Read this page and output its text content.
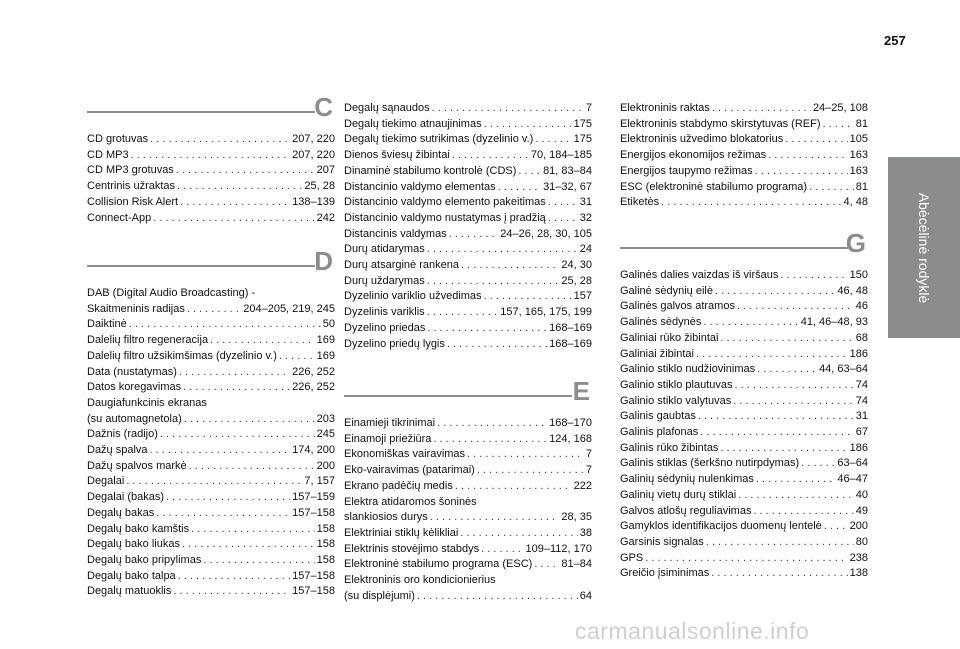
257
Abėcėlinė rodyklė
C
CD grotuvas . . .	207, 220
CD MP3 . . .	207, 220
CD MP3 grotuvas . . .	207
Centrinis užraktas . . .	25, 28
Collision Risk Alert . . .	138–139
Connect-App . . .	242
D
DAB (Digital Audio Broadcasting) -
Skaitmeninis radijas . . .	204–205, 219, 245
Daiktinė . . .	50
Dalelių filtro regeneracija . . .	169
Dalelių filtro užsikimšimas (dyzelinio v.) . . .	169
Data (nustatymas) . . .	226, 252
Datos koregavimas . . .	226, 252
Daugiafunkcinis ekranas
(su automagnetola) . . .	203
Dažnis (radijo) . . .	245
Dažų spalva . . .	174, 200
Dažų spalvos markė . . .	200
Degalai . . .	7, 157
Degalai (bakas) . . .	157–159
Degalų bakas . . .	157–158
Degalų bako kamštis . . .	158
Degalų bako liukas . . .	158
Degalų bako pripylimas . . .	158
Degalų bako talpa . . .	157–158
Degalų matuoklis . . .	157–158
Degalų sąnaudos . . .	7
Degalų tiekimo atnaujinimas . . .	175
Degalų tiekimo sutrikimas (dyzelinio v.) . . .	175
Dienos šviesų žibintai . . .	70, 184–185
Dinaminė stabilumo kontrolė (CDS) . . . 81, 83–84
Distancinio valdymo elementas . . .	31–32, 67
Distancinio valdymo elemento pakeitimas . . .	31
Distancinio valdymo nustatymas į pradžią . . .	32
Distancinis valdymas . . .	24–26, 28, 30, 105
Durų atidarymas . . .	24
Durų atsarginė rankena . . .	24, 30
Durų uždarymas . . .	25, 28
Dyzelinio variklio užvedimas . . .	157
Dyzelinis variklis . . .	157, 165, 175, 199
Dyzelino priedas . . .	168–169
Dyzelino priedų lygis . . .	168–169
E
Einamieji tikrinimai . . .	168–170
Einamoji priežiūra . . .	124, 168
Ekonomiškas vairavimas . . .	7
Eko-vairavimas (patarimai) . . .	7
Ekrano padėčių medis . . .	222
Elektra atidaromos šoninės
slankiosios durys . . .	28, 35
Elektriniai stiklų kėlikliai . . .	38
Elektrinis stovėjimo stabdys . . .	109–112, 170
Elektroninė stabilumo programa (ESC) . . .	81–84
Elektroninis oro kondicionierius
(su displėjumi) . . .	64
Elektroninis raktas . . .	24–25, 108
Elektroninis stabdymo skirstytuvas (REF) . . .	81
Elektroninis užvedimo blokatorius . . .	105
Energijos ekonomijos režimas . . .	163
Energijos taupymo režimas . . .	163
ESC (elektroninė stabilumo programa) . . .	81
Etiketės . . .	4, 48
G
Galinės dalies vaizdas iš viršaus . . .	150
Galinė sėdynių eilė . . .	46, 48
Galinės galvos atramos . . .	46
Galinės sėdynės . . .	41, 46–48, 93
Galiniai rūko žibintai . . .	68
Galiniai žibintai . . .	186
Galinio stiklo nudžiovinimas . . .	44, 63–64
Galinio stiklo plautuvas . . .	74
Galinio stiklo valytuvas . . .	74
Galinis gaubtas . . .	31
Galinis plafonas . . .	67
Galinis rūko žibintas . . .	186
Galinis stiklas (šerkšno nutirpdymas) . . .	63–64
Galinių sėdynių nulenkimas . . .	46–47
Galinių vietų durų stiklai . . .	40
Galvos atlošų reguliavimas . . .	49
Gamyklos identifikacijos duomenų lentelė . . .	200
Garsinis signalas . . .	80
GPS . . .	238
Greičio įsiminimas . . .	138
carmanualsonline.info
